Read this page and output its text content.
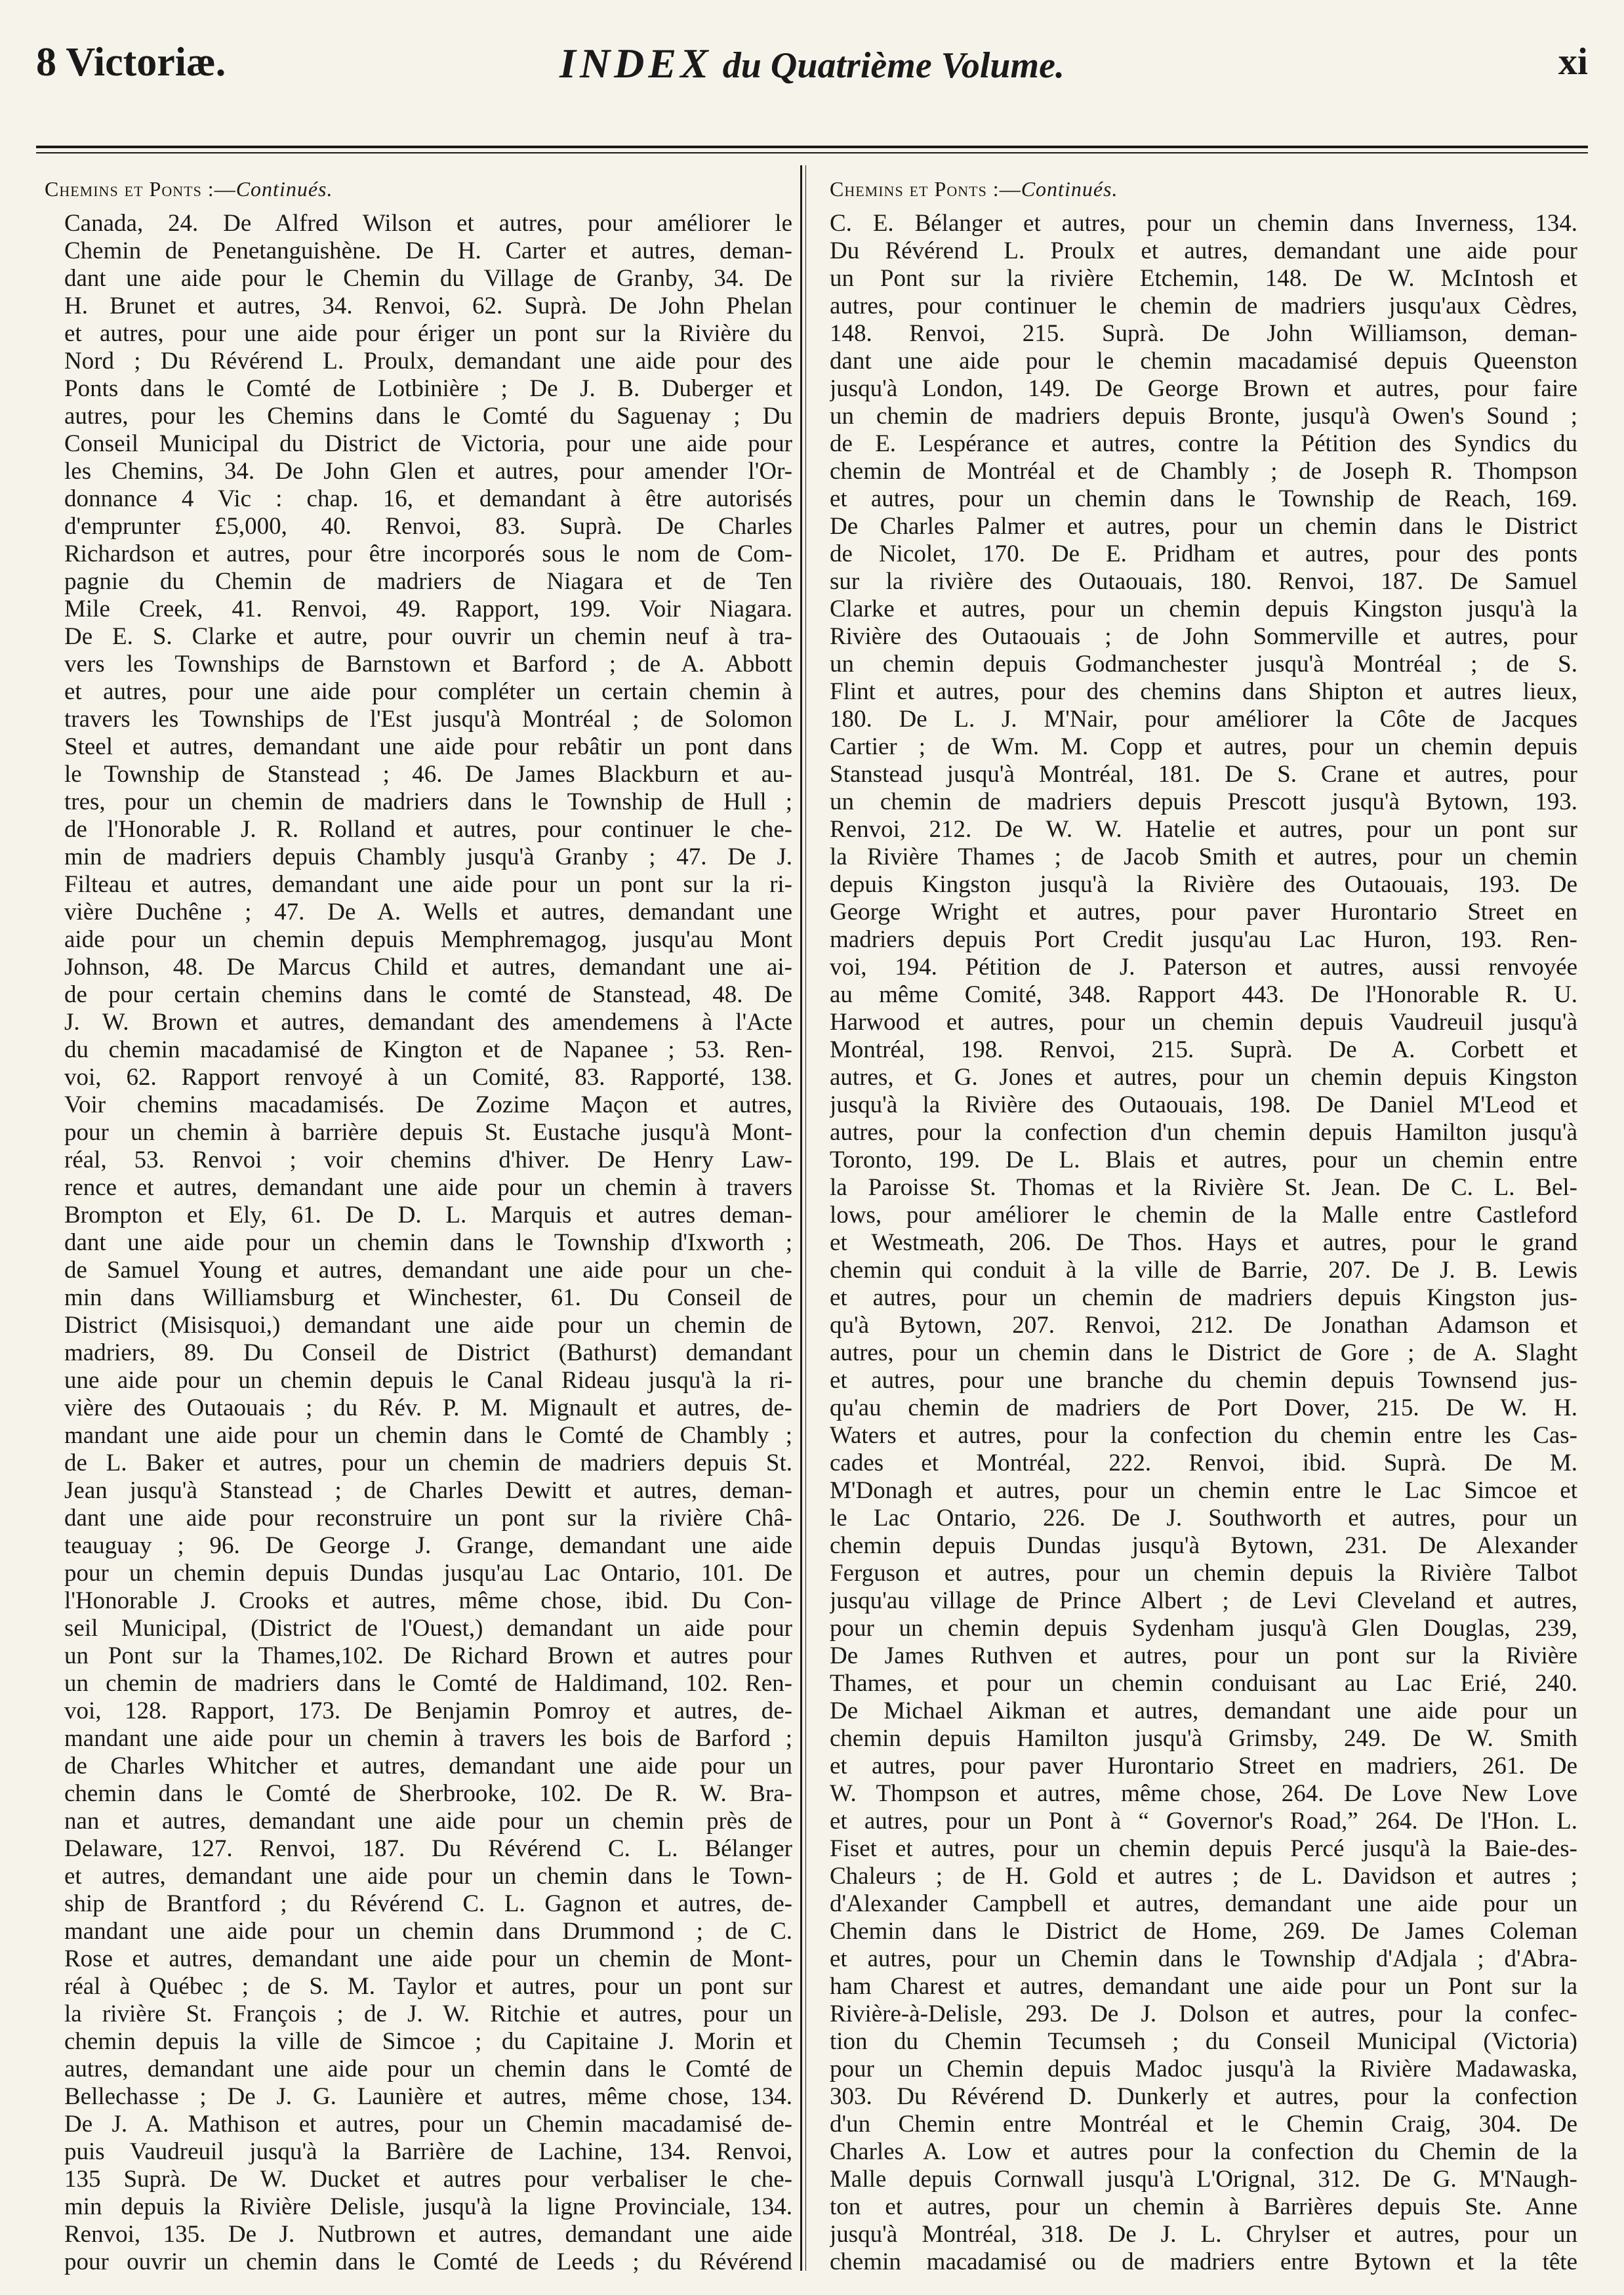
8 Victoriæ.	INDEX du Quatrième Volume.	xi
Chemins et Ponts :—Continués.
Canada, 24. De Alfred Wilson et autres, pour améliorer le
Chemin de Penetanguishène. De H. Carter et autres, deman-
dant une aide pour le Chemin du Village de Granby, 34. De
H. Brunet et autres, 34. Renvoi, 62. Suprà. De John Phelan
et autres, pour une aide pour ériger un pont sur la Rivière du
Nord ; Du Révérend L. Proulx, demandant une aide pour des
Ponts dans le Comté de Lotbinière ; De J. B. Duberger et
autres, pour les Chemins dans le Comté du Saguenay ; Du
Conseil Municipal du District de Victoria, pour une aide pour
les Chemins, 34. De John Glen et autres, pour amender l'Or-
donnance 4 Vic : chap. 16, et demandant à être autorisés
d'emprunter £5,000, 40. Renvoi, 83. Suprà. De Charles
Richardson et autres, pour être incorporés sous le nom de Com-
pagnie du Chemin de madriers de Niagara et de Ten
Mile Creek, 41. Renvoi, 49. Rapport, 199. Voir Niagara.
De E. S. Clarke et autre, pour ouvrir un chemin neuf à tra-
vers les Townships de Barnstown et Barford ; de A. Abbott
et autres, pour une aide pour compléter un certain chemin à
travers les Townships de l'Est jusqu'à Montréal ; de Solomon
Steel et autres, demandant une aide pour rebâtir un pont dans
le Township de Stanstead ; 46. De James Blackburn et au-
tres, pour un chemin de madriers dans le Township de Hull ;
de l'Honorable J. R. Rolland et autres, pour continuer le che-
min de madriers depuis Chambly jusqu'à Granby ; 47. De J.
Filteau et autres, demandant une aide pour un pont sur la ri-
vière Duchêne ; 47. De A. Wells et autres, demandant une
aide pour un chemin depuis Memphremagog, jusqu'au Mont
Johnson, 48. De Marcus Child et autres, demandant une ai-
de pour certain chemins dans le comté de Stanstead, 48. De
J. W. Brown et autres, demandant des amendemens à l'Acte
du chemin macadamisé de Kington et de Napanee ; 53. Ren-
voi, 62. Rapport renvoyé à un Comité, 83. Rapporté, 138.
Voir chemins macadamisés. De Zozime Maçon et autres,
pour un chemin à barrière depuis St. Eustache jusqu'à Mont-
réal, 53. Renvoi ; voir chemins d'hiver. De Henry Law-
rence et autres, demandant une aide pour un chemin à travers
Brompton et Ely, 61. De D. L. Marquis et autres deman-
dant une aide pour un chemin dans le Township d'Ixworth ;
de Samuel Young et autres, demandant une aide pour un che-
min dans Williamsburg et Winchester, 61. Du Conseil de
District (Misisquoi,) demandant une aide pour un chemin de
madriers, 89. Du Conseil de District (Bathurst) demandant
une aide pour un chemin depuis le Canal Rideau jusqu'à la ri-
vière des Outaouais ; du Rév. P. M. Mignault et autres, de-
mandant une aide pour un chemin dans le Comté de Chambly ;
de L. Baker et autres, pour un chemin de madriers depuis St.
Jean jusqu'à Stanstead ; de Charles Dewitt et autres, deman-
dant une aide pour reconstruire un pont sur la rivière Châ-
teauguay ; 96. De George J. Grange, demandant une aide
pour un chemin depuis Dundas jusqu'au Lac Ontario, 101. De
l'Honorable J. Crooks et autres, même chose, ibid. Du Con-
seil Municipal, (District de l'Ouest,) demandant un aide pour
un Pont sur la Thames,102. De Richard Brown et autres pour
un chemin de madriers dans le Comté de Haldimand, 102. Ren-
voi, 128. Rapport, 173. De Benjamin Pomroy et autres, de-
mandant une aide pour un chemin à travers les bois de Barford ;
de Charles Whitcher et autres, demandant une aide pour un
chemin dans le Comté de Sherbrooke, 102. De R. W. Bra-
nan et autres, demandant une aide pour un chemin près de
Delaware, 127. Renvoi, 187. Du Révérend C. L. Bélanger
et autres, demandant une aide pour un chemin dans le Town-
ship de Brantford ; du Révérend C. L. Gagnon et autres, de-
mandant une aide pour un chemin dans Drummond ; de C.
Rose et autres, demandant une aide pour un chemin de Mont-
réal à Québec ; de S. M. Taylor et autres, pour un pont sur
la rivière St. François ; de J. W. Ritchie et autres, pour un
chemin depuis la ville de Simcoe ; du Capitaine J. Morin et
autres, demandant une aide pour un chemin dans le Comté de
Bellechasse ; De J. G. Launière et autres, même chose, 134.
De J. A. Mathison et autres, pour un Chemin macadamisé de-
puis Vaudreuil jusqu'à la Barrière de Lachine, 134. Renvoi,
135 Suprà. De W. Ducket et autres pour verbaliser le che-
min depuis la Rivière Delisle, jusqu'à la ligne Provinciale, 134.
Renvoi, 135. De J. Nutbrown et autres, demandant une aide
pour ouvrir un chemin dans le Comté de Leeds ; du Révérend
Chemins et Ponts :—Continués.
C. E. Bélanger et autres, pour un chemin dans Inverness, 134.
Du Révérend L. Proulx et autres, demandant une aide pour
un Pont sur la rivière Etchemin, 148. De W. McIntosh et
autres, pour continuer le chemin de madriers jusqu'aux Cèdres,
148. Renvoi, 215. Suprà. De John Williamson, deman-
dant une aide pour le chemin macadamisé depuis Queenston
jusqu'à London, 149. De George Brown et autres, pour faire
un chemin de madriers depuis Bronte, jusqu'à Owen's Sound ;
de E. Lespérance et autres, contre la Pétition des Syndics du
chemin de Montréal et de Chambly ; de Joseph R. Thompson
et autres, pour un chemin dans le Township de Reach, 169.
De Charles Palmer et autres, pour un chemin dans le District
de Nicolet, 170. De E. Pridham et autres, pour des ponts
sur la rivière des Outaouais, 180. Renvoi, 187. De Samuel
Clarke et autres, pour un chemin depuis Kingston jusqu'à la
Rivière des Outaouais ; de John Sommerville et autres, pour
un chemin depuis Godmanchester jusqu'à Montréal ; de S.
Flint et autres, pour des chemins dans Shipton et autres lieux,
180. De L. J. M'Nair, pour améliorer la Côte de Jacques
Cartier ; de Wm. M. Copp et autres, pour un chemin depuis
Stanstead jusqu'à Montréal, 181. De S. Crane et autres, pour
un chemin de madriers depuis Prescott jusqu'à Bytown, 193.
Renvoi, 212. De W. W. Hatelie et autres, pour un pont sur
la Rivière Thames ; de Jacob Smith et autres, pour un chemin
depuis Kingston jusqu'à la Rivière des Outaouais, 193. De
George Wright et autres, pour paver Hurontario Street en
madriers depuis Port Credit jusqu'au Lac Huron, 193. Ren-
voi, 194. Pétition de J. Paterson et autres, aussi renvoyée
au même Comité, 348. Rapport 443. De l'Honorable R. U.
Harwood et autres, pour un chemin depuis Vaudreuil jusqu'à
Montréal, 198. Renvoi, 215. Suprà. De A. Corbett et
autres, et G. Jones et autres, pour un chemin depuis Kingston
jusqu'à la Rivière des Outaouais, 198. De Daniel M'Leod et
autres, pour la confection d'un chemin depuis Hamilton jusqu'à
Toronto, 199. De L. Blais et autres, pour un chemin entre
la Paroisse St. Thomas et la Rivière St. Jean. De C. L. Bel-
lows, pour améliorer le chemin de la Malle entre Castleford
et Westmeath, 206. De Thos. Hays et autres, pour le grand
chemin qui conduit à la ville de Barrie, 207. De J. B. Lewis
et autres, pour un chemin de madriers depuis Kingston jus-
qu'à Bytown, 207. Renvoi, 212. De Jonathan Adamson et
autres, pour un chemin dans le District de Gore ; de A. Slaght
et autres, pour une branche du chemin depuis Townsend jus-
qu'au chemin de madriers de Port Dover, 215. De W. H.
Waters et autres, pour la confection du chemin entre les Cas-
cades et Montréal, 222. Renvoi, ibid. Suprà. De M.
M'Donagh et autres, pour un chemin entre le Lac Simcoe et
le Lac Ontario, 226. De J. Southworth et autres, pour un
chemin depuis Dundas jusqu'à Bytown, 231. De Alexander
Ferguson et autres, pour un chemin depuis la Rivière Talbot
jusqu'au village de Prince Albert ; de Levi Cleveland et autres,
pour un chemin depuis Sydenham jusqu'à Glen Douglas, 239,
De James Ruthven et autres, pour un pont sur la Rivière
Thames, et pour un chemin conduisant au Lac Erié, 240.
De Michael Aikman et autres, demandant une aide pour un
chemin depuis Hamilton jusqu'à Grimsby, 249. De W. Smith
et autres, pour paver Hurontario Street en madriers, 261. De
W. Thompson et autres, même chose, 264. De Love New Love
et autres, pour un Pont à “ Governor's Road,” 264. De l'Hon. L.
Fiset et autres, pour un chemin depuis Percé jusqu'à la Baie-des-
Chaleurs ; de H. Gold et autres ; de L. Davidson et autres ;
d'Alexander Campbell et autres, demandant une aide pour un
Chemin dans le District de Home, 269. De James Coleman
et autres, pour un Chemin dans le Township d'Adjala ; d'Abra-
ham Charest et autres, demandant une aide pour un Pont sur la
Rivière-à-Delisle, 293. De J. Dolson et autres, pour la confec-
tion du Chemin Tecumseh ; du Conseil Municipal (Victoria)
pour un Chemin depuis Madoc jusqu'à la Rivière Madawaska,
303. Du Révérend D. Dunkerly et autres, pour la confection
d'un Chemin entre Montréal et le Chemin Craig, 304. De
Charles A. Low et autres pour la confection du Chemin de la
Malle depuis Cornwall jusqu'à L'Orignal, 312. De G. M'Naugh-
ton et autres, pour un chemin à Barrières depuis Ste. Anne
jusqu'à Montréal, 318. De J. L. Chrylser et autres, pour un
chemin macadamisé ou de madriers entre Bytown et la tête
